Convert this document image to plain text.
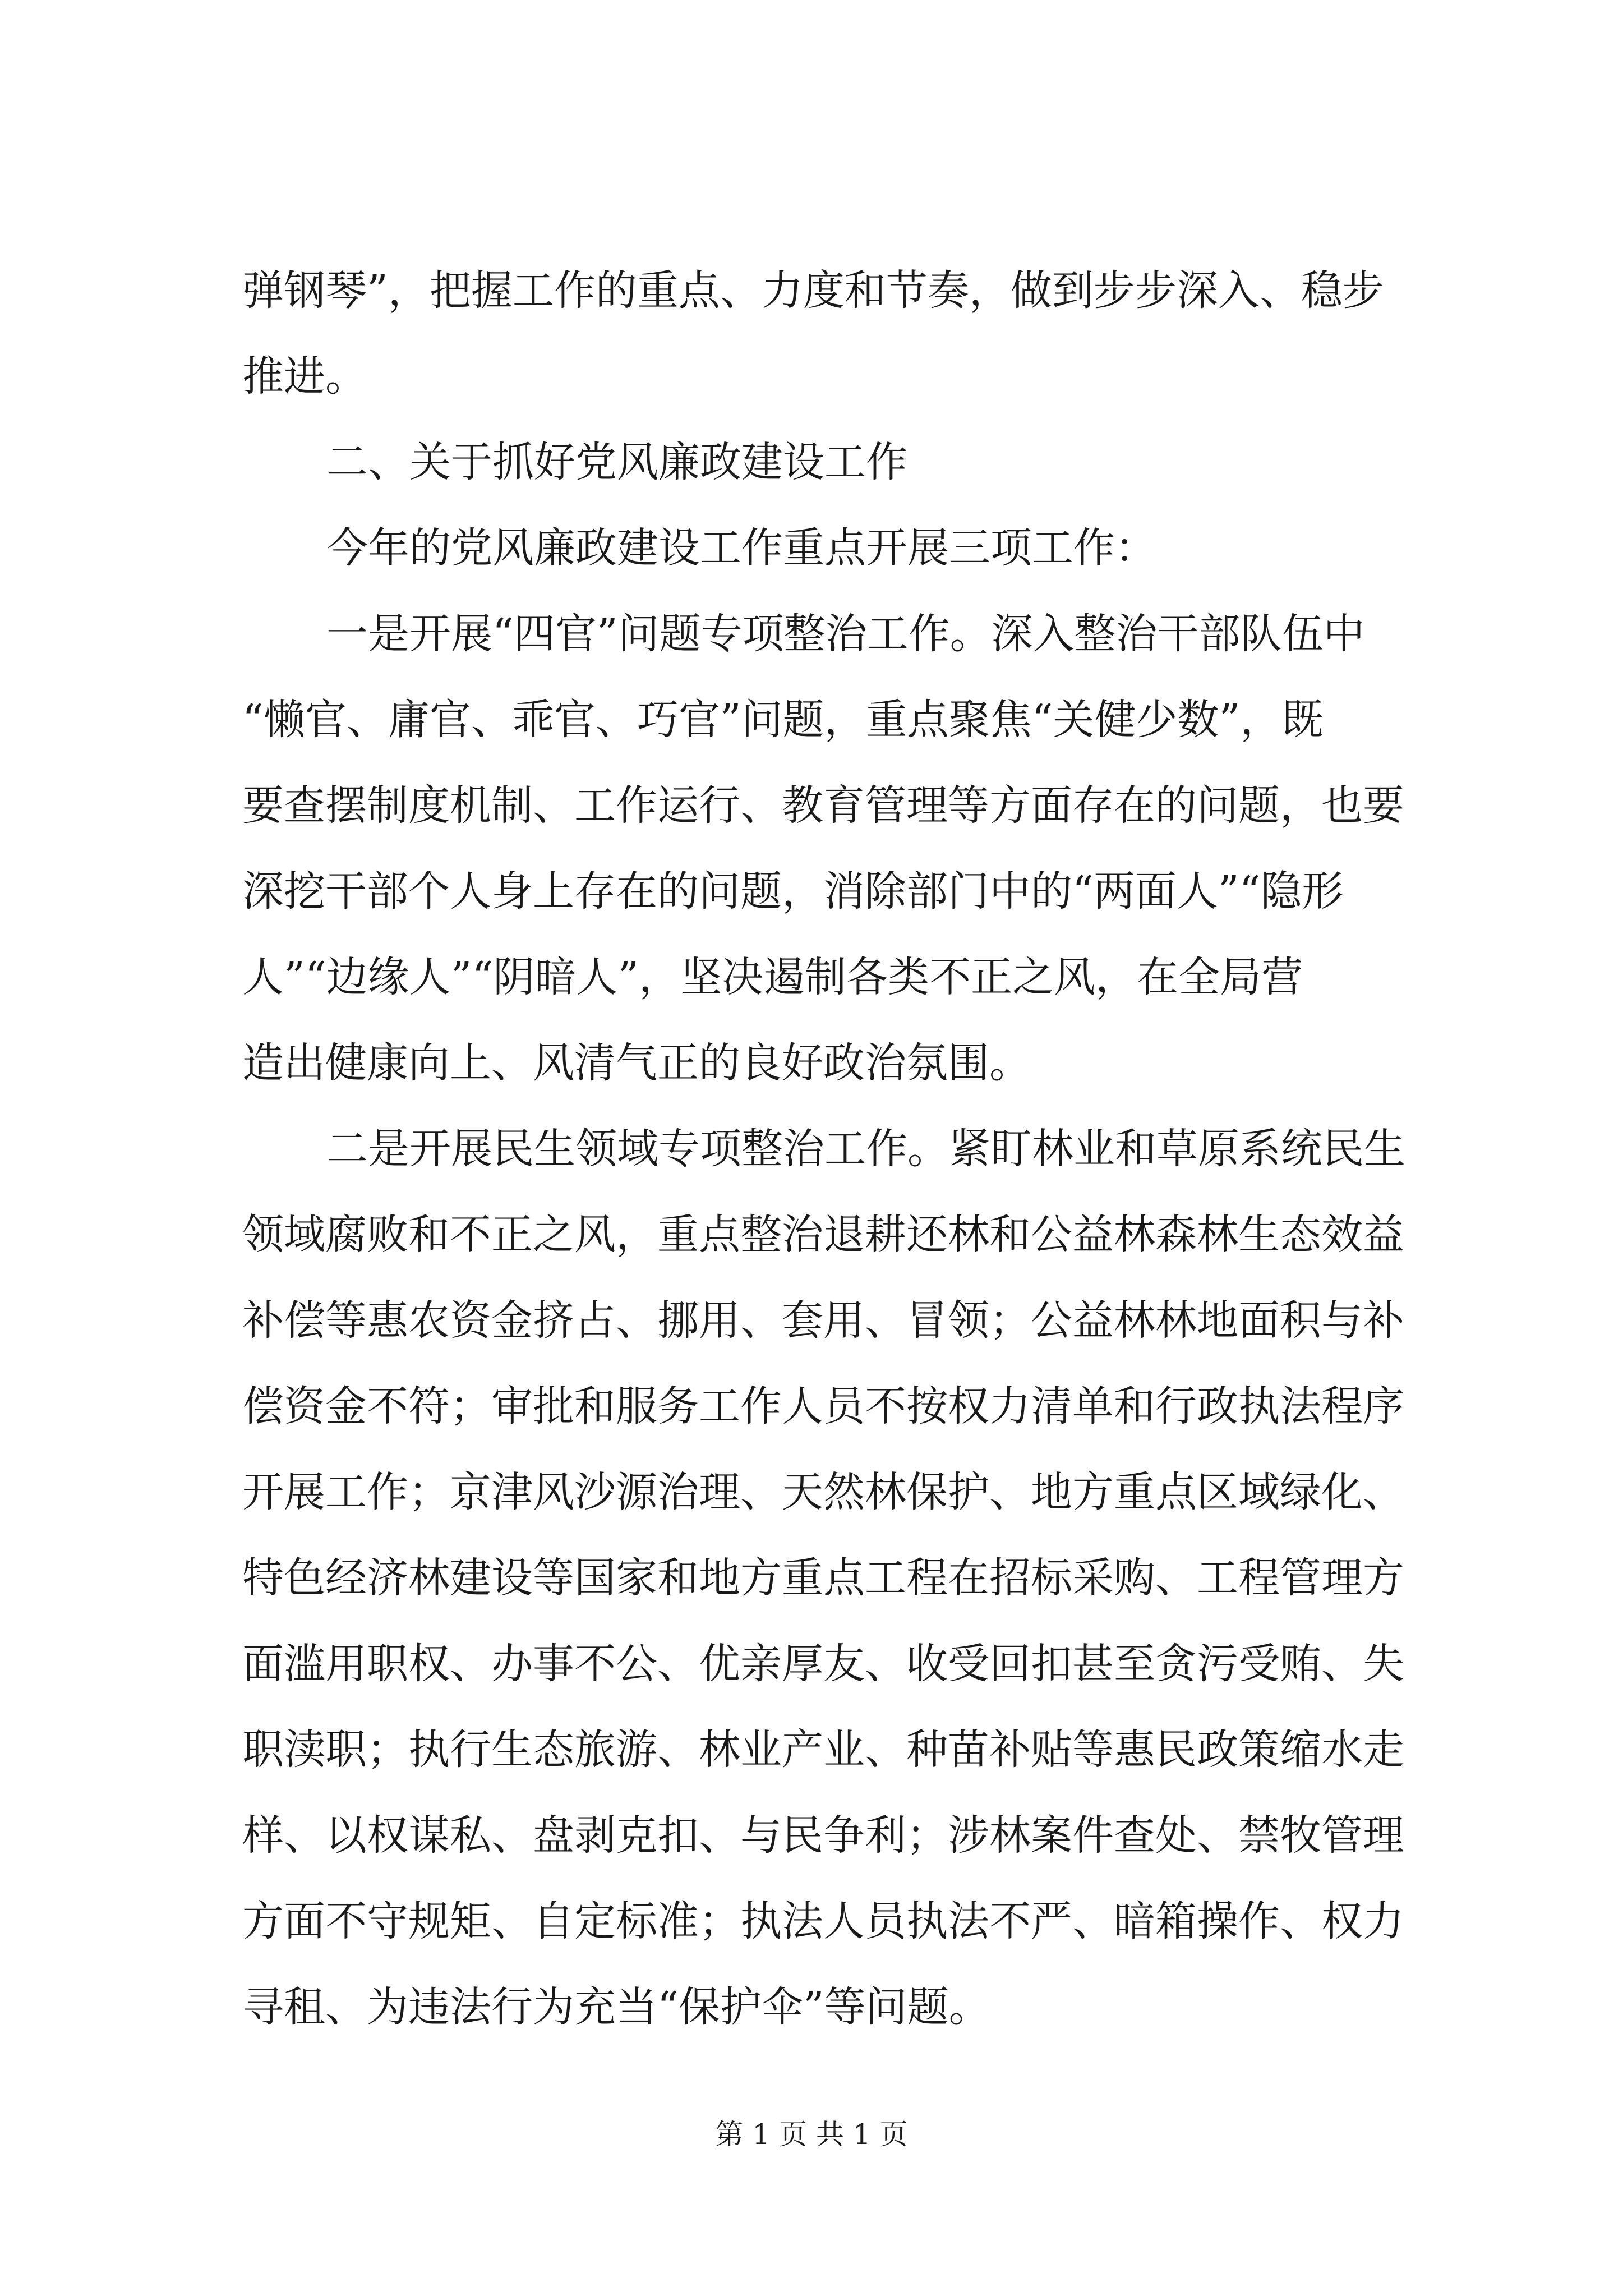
弹钢琴”，把握工作的重点、力度和节奏，做到步步深入、稳步
推进。
二、关于抓好党风廉政建设工作
今年的党风廉政建设工作重点开展三项工作：
一是开展“四官”问题专项整治工作。深入整治干部队伍中
“懒官、庸官、乖官、巧官”问题，重点聚焦“关健少数”，既
要查摆制度机制、工作运行、教育管理等方面存在的问题，也要
深挖干部个人身上存在的问题，消除部门中的“两面人”“隐形
人”“边缘人”“阴暗人”，坚决遏制各类不正之风，在全局营
造出健康向上、风清气正的良好政治氛围。
二是开展民生领域专项整治工作。紧盯林业和草原系统民生
领域腐败和不正之风，重点整治退耕还林和公益林森林生态效益
补偿等惠农资金挤占、挪用、套用、冒领；公益林林地面积与补
偿资金不符；审批和服务工作人员不按权力清单和行政执法程序
开展工作；京津风沙源治理、天然林保护、地方重点区域绿化、
特色经济林建设等国家和地方重点工程在招标采购、工程管理方
面滥用职权、办事不公、优亲厚友、收受回扣甚至贪污受贿、失
职渎职；执行生态旅游、林业产业、种苗补贴等惠民政策缩水走
样、以权谋私、盘剥克扣、与民争利；涉林案件查处、禁牧管理
方面不守规矩、自定标准；执法人员执法不严、暗箱操作、权力
寻租、为违法行为充当“保护伞”等问题。
第 1 页 共 1 页
